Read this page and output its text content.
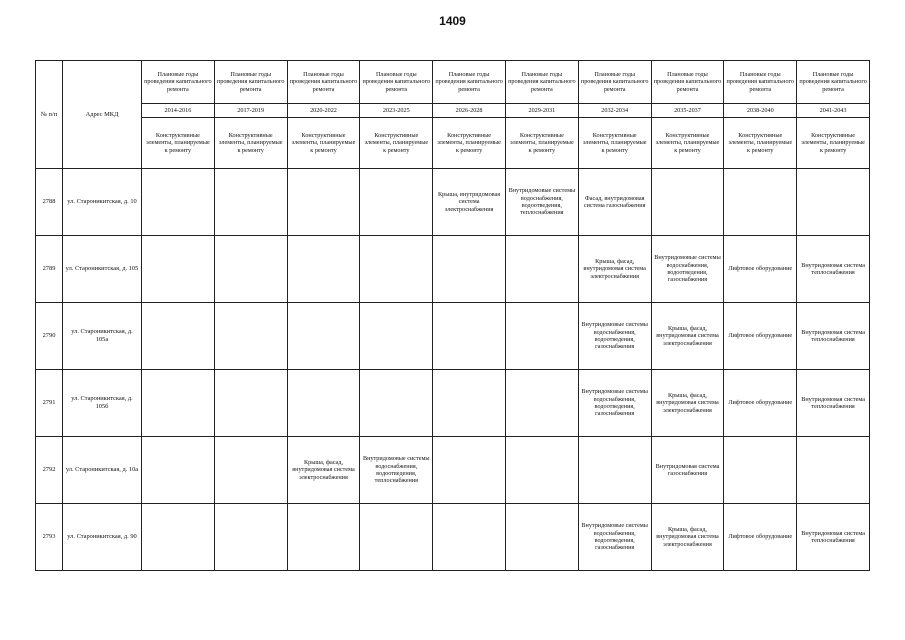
1409
№ п/п	Адрес МКД	Плановые годы проведения капитального ремонта	Плановые годы проведения капитального ремонта	Плановые годы проведения капитального ремонта	Плановые годы проведения капитального ремонта	Плановые годы проведения капитального ремонта	Плановые годы проведения капитального ремонта	Плановые годы проведения капитального ремонта	Плановые годы проведения капитального ремонта	Плановые годы проведения капитального ремонта	Плановые годы проведения капитального ремонта
		2014-2016	2017-2019	2020-2022	2023-2025	2026-2028	2029-2031	2032-2034	2035-2037	2038-2040	2041-2043
		Конструктивные элементы, планируемые к ремонту	Конструктивные элементы, планируемые к ремонту	Конструктивные элементы, планируемые к ремонту	Конструктивные элементы, планируемые к ремонту	Конструктивные элементы, планируемые к ремонту	Конструктивные элементы, планируемые к ремонту	Конструктивные элементы, планируемые к ремонту	Конструктивные элементы, планируемые к ремонту	Конструктивные элементы, планируемые к ремонту	Конструктивные элементы, планируемые к ремонту
2788	ул. Староникитская, д. 10					Крыша, внутридомовая система электроснабжения	Внутридомовые системы водоснабжения, водоотведения, теплоснабжения	Фасад, внутридомовая система газоснабжения			
2789	ул. Староникитская, д. 105							Крыша, фасад, внутридомовая система электроснабжения	Внутридомовые системы водоснабжения, водоотведения, газоснабжения	Лифтовое оборудование	Внутридомовая система теплоснабжения
2790	ул. Староникитская, д. 105а							Внутридомовые системы водоснабжения, водоотведения, газоснабжения	Крыша, фасад, внутридомовая система электроснабжения	Лифтовое оборудование	Внутридомовая система теплоснабжения
2791	ул. Староникитская, д. 105б							Внутридомовые системы водоснабжения, водоотведения, газоснабжения	Крыша, фасад, внутридомовая система электроснабжения	Лифтовое оборудование	Внутридомовая система теплоснабжения
2792	ул. Староникитская, д. 10а			Крыша, фасад, внутридомовая система электроснабжения	Внутридомовые системы водоснабжения, водоотведения, теплоснабжения				Внутридомовая система газоснабжения		
2793	ул. Староникитская, д. 90							Внутридомовые системы водоснабжения, водоотведения, газоснабжения	Крыша, фасад, внутридомовая система электроснабжения	Лифтовое оборудование	Внутридомовая система теплоснабжения
